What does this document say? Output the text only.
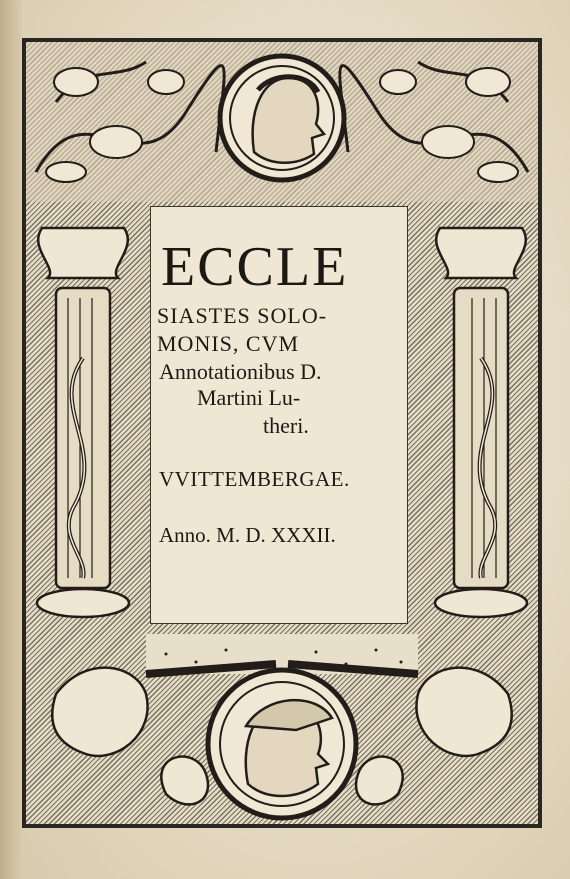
ECCLE
SIASTES SOLO-
MONIS, CVM
Annotationibus D.
Martini Lu-
theri.
VVITTEMBERGAE.
Anno. M. D. XXXII.
